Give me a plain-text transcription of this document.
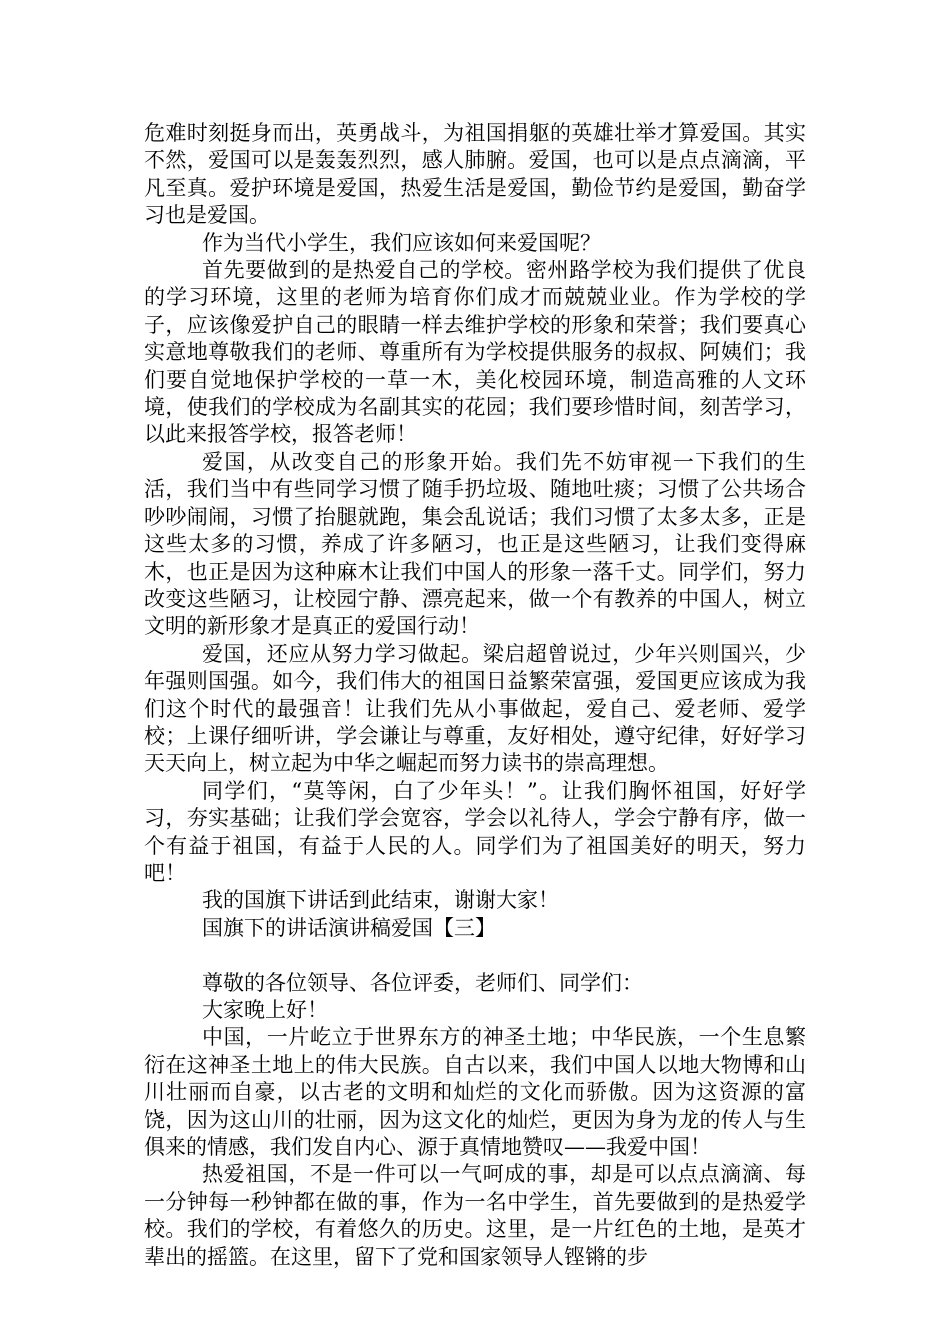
危难时刻挺身而出，英勇战斗，为祖国捐躯的英雄壮举才算爱国。其实不然，爱国可以是轰轰烈烈，感人肺腑。爱国，也可以是点点滴滴，平凡至真。爱护环境是爱国，热爱生活是爱国，勤俭节约是爱国，勤奋学习也是爱国。

作为当代小学生，我们应该如何来爱国呢？

首先要做到的是热爱自己的学校。密州路学校为我们提供了优良的学习环境，这里的老师为培育你们成才而兢兢业业。作为学校的学子，应该像爱护自己的眼睛一样去维护学校的形象和荣誉；我们要真心实意地尊敬我们的老师、尊重所有为学校提供服务的叔叔、阿姨们；我们要自觉地保护学校的一草一木，美化校园环境，制造高雅的人文环境，使我们的学校成为名副其实的花园；我们要珍惜时间，刻苦学习，以此来报答学校，报答老师！

爱国，从改变自己的形象开始。我们先不妨审视一下我们的生活，我们当中有些同学习惯了随手扔垃圾、随地吐痰；习惯了公共场合吵吵闹闹，习惯了抬腿就跑，集会乱说话；我们习惯了太多太多，正是这些太多的习惯，养成了许多陋习，也正是这些陋习，让我们变得麻木，也正是因为这种麻木让我们中国人的形象一落千丈。同学们，努力改变这些陋习，让校园宁静、漂亮起来，做一个有教养的中国人，树立文明的新形象才是真正的爱国行动！

爱国，还应从努力学习做起。梁启超曾说过，少年兴则国兴，少年强则国强。如今，我们伟大的祖国日益繁荣富强，爱国更应该成为我们这个时代的最强音！让我们先从小事做起，爱自己、爱老师、爱学校；上课仔细听讲，学会谦让与尊重，友好相处，遵守纪律，好好学习天天向上，树立起为中华之崛起而努力读书的崇高理想。

同学们，“莫等闲，白了少年头！”。让我们胸怀祖国，好好学习，夯实基础；让我们学会宽容，学会以礼待人，学会宁静有序，做一个有益于祖国，有益于人民的人。同学们为了祖国美好的明天，努力吧！

我的国旗下讲话到此结束，谢谢大家！

国旗下的讲话演讲稿爱国【三】

尊敬的各位领导、各位评委，老师们、同学们：

大家晚上好！

中国，一片屹立于世界东方的神圣土地；中华民族，一个生息繁衍在这神圣土地上的伟大民族。自古以来，我们中国人以地大物博和山川壮丽而自豪，以古老的文明和灿烂的文化而骄傲。因为这资源的富饶，因为这山川的壮丽，因为这文化的灿烂，更因为身为龙的传人与生俱来的情感，我们发自内心、源于真情地赞叹——我爱中国！

热爱祖国，不是一件可以一气呵成的事，却是可以点点滴滴、每一分钟每一秒钟都在做的事，作为一名中学生，首先要做到的是热爱学校。我们的学校，有着悠久的历史。这里，是一片红色的土地，是英才辈出的摇篮。在这里，留下了党和国家领导人铿锵的步
